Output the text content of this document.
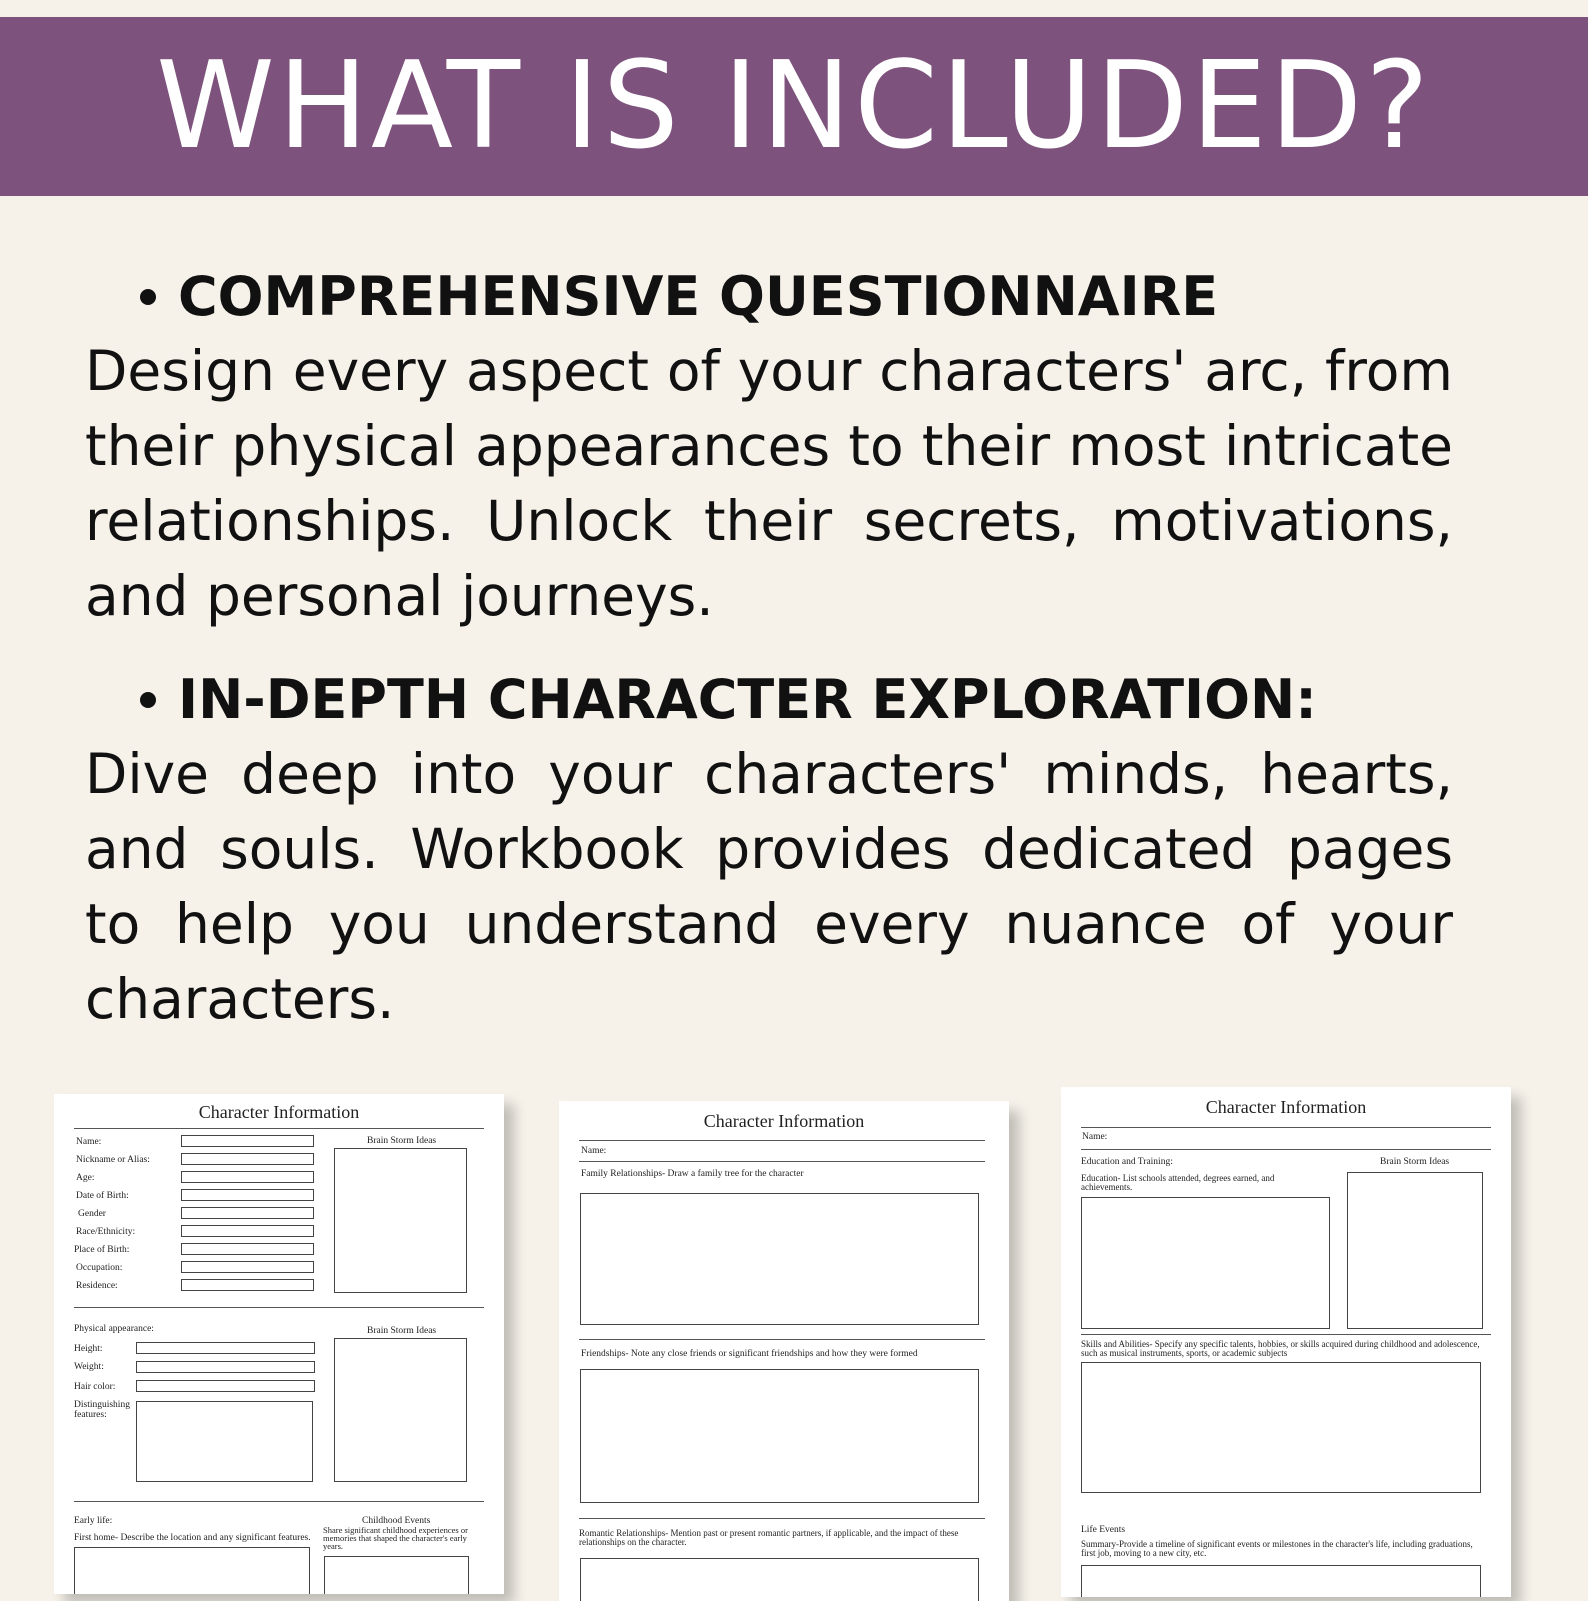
WHAT IS INCLUDED?
COMPREHENSIVE QUESTIONNAIRE

Design every aspect of your characters' arc, from their physical appearances to their most intricate relationships. Unlock their secrets, motivations, and personal journeys.

IN-DEPTH CHARACTER EXPLORATION:

Dive deep into your characters' minds, hearts, and souls. Workbook provides dedicated pages to help you understand every nuance of your characters.

Character Information
Name:
Nickname or Alias:
Age:
Date of Birth:
Gender
Race/Ethnicity:
Place of Birth:
Occupation:
Residence:
Brain Storm Ideas
Physical appearance:
Height:
Weight:
Hair color:
Distinguishing features:
Brain Storm Ideas
Early life:
First home- Describe the location and any significant features.
Childhood Events
Share significant childhood experiences or memories that shaped the character's early years.
Character Information
Name:
Family Relationships- Draw a family tree for the character
Friendships- Note any close friends or significant friendships and how they were formed
Romantic Relationships- Mention past or present romantic partners, if applicable, and the impact of these relationships on the character.
Character Information
Name:
Education and Training:	Brain Storm Ideas
Education- List schools attended, degrees earned, and achievements.
Skills and Abilities- Specify any specific talents, hobbies, or skills acquired during childhood and adolescence, such as musical instruments, sports, or academic subjects
Life Events
Summary-Provide a timeline of significant events or milestones in the character's life, including graduations, first job, moving to a new city, etc.
